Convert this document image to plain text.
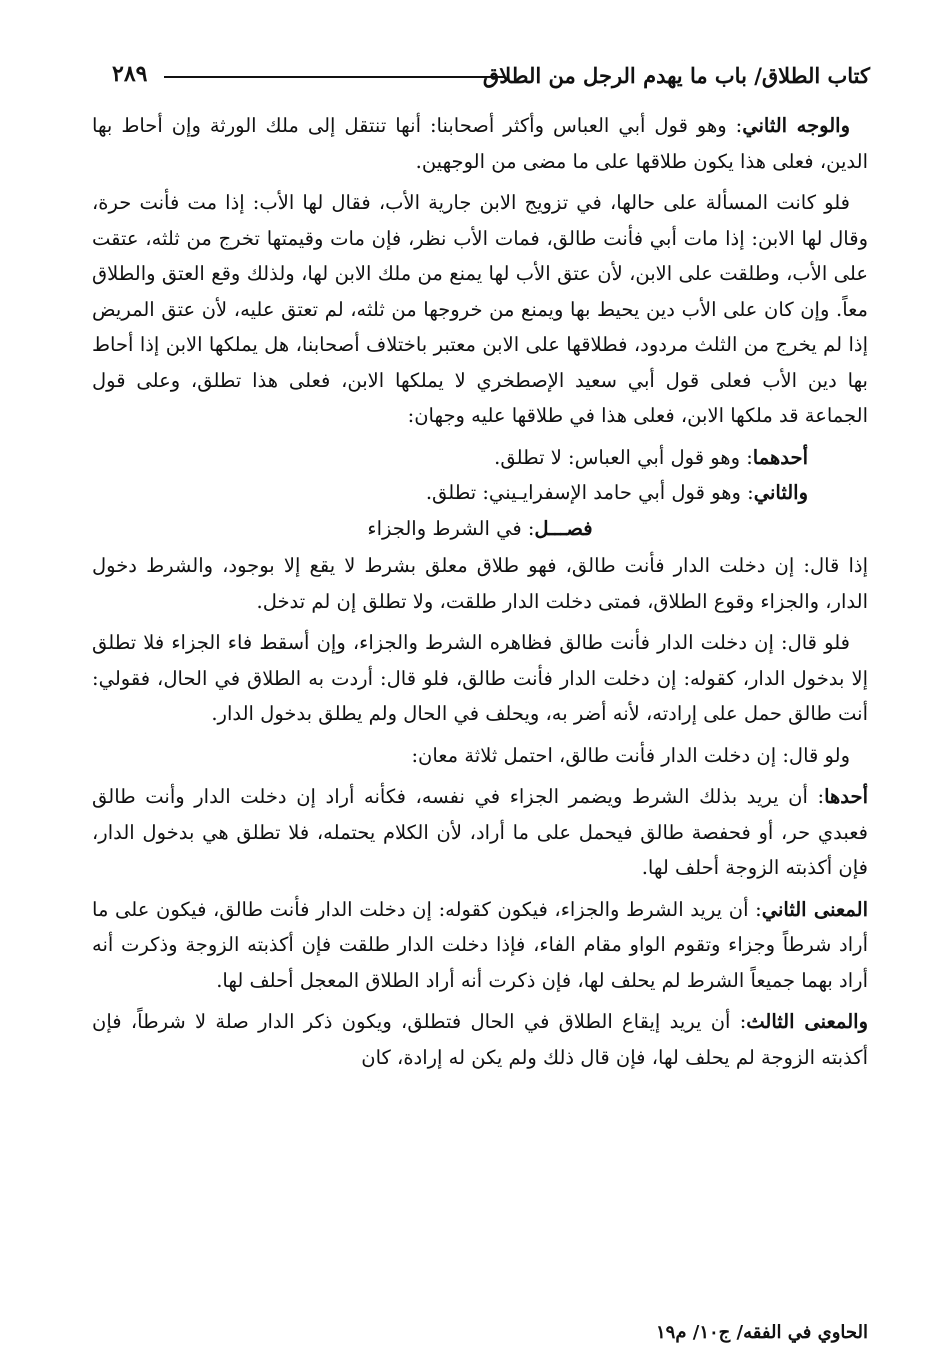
كتاب الطلاق/ باب ما يهدم الرجل من الطلاق
٢٨٩

والوجه الثاني: وهو قول أبي العباس وأكثر أصحابنا: أنها تنتقل إلى ملك الورثة وإن أحاط بها الدين، فعلى هذا يكون طلاقها على ما مضى من الوجهين.

فلو كانت المسألة على حالها، في تزويج الابن جارية الأب، فقال لها الأب: إذا مت فأنت حرة، وقال لها الابن: إذا مات أبي فأنت طالق، فمات الأب نظر، فإن مات وقيمتها تخرج من ثلثه، عتقت على الأب، وطلقت على الابن، لأن عتق الأب لها يمنع من ملك الابن لها، ولذلك وقع العتق والطلاق معاً. وإن كان على الأب دين يحيط بها ويمنع من خروجها من ثلثه، لم تعتق عليه، لأن عتق المريض إذا لم يخرج من الثلث مردود، فطلاقها على الابن معتبر باختلاف أصحابنا، هل يملكها الابن إذا أحاط بها دين الأب فعلى قول أبي سعيد الإصطخري لا يملكها الابن، فعلى هذا تطلق، وعلى قول الجماعة قد ملكها الابن، فعلى هذا في طلاقها عليه وجهان:

أحدهما: وهو قول أبي العباس: لا تطلق.

والثاني: وهو قول أبي حامد الإسفرايـيني: تطلق.

فصـــل: في الشرط والجزاء

إذا قال: إن دخلت الدار فأنت طالق، فهو طلاق معلق بشرط لا يقع إلا بوجود، والشرط دخول الدار، والجزاء وقوع الطلاق، فمتى دخلت الدار طلقت، ولا تطلق إن لم تدخل.

فلو قال: إن دخلت الدار فأنت طالق فظاهره الشرط والجزاء، وإن أسقط فاء الجزاء فلا تطلق إلا بدخول الدار، كقوله: إن دخلت الدار فأنت طالق، فلو قال: أردت به الطلاق في الحال، فقولي: أنت طالق حمل على إرادته، لأنه أضر به، ويحلف في الحال ولم يطلق بدخول الدار.

ولو قال: إن دخلت الدار فأنت طالق، احتمل ثلاثة معان:

أحدها: أن يريد بذلك الشرط ويضمر الجزاء في نفسه، فكأنه أراد إن دخلت الدار وأنت طالق فعبدي حر، أو فحفصة طالق فيحمل على ما أراد، لأن الكلام يحتمله، فلا تطلق هي بدخول الدار، فإن أكذبته الزوجة أحلف لها.

المعنى الثاني: أن يريد الشرط والجزاء، فيكون كقوله: إن دخلت الدار فأنت طالق، فيكون على ما أراد شرطاً وجزاء وتقوم الواو مقام الفاء، فإذا دخلت الدار طلقت فإن أكذبته الزوجة وذكرت أنه أراد بهما جميعاً الشرط لم يحلف لها، فإن ذكرت أنه أراد الطلاق المعجل أحلف لها.

والمعنى الثالث: أن يريد إيقاع الطلاق في الحال فتطلق، ويكون ذكر الدار صلة لا شرطاً، فإن أكذبته الزوجة لم يحلف لها، فإن قال ذلك ولم يكن له إرادة، كان

الحاوي في الفقه/ ج١٠/ م١٩
